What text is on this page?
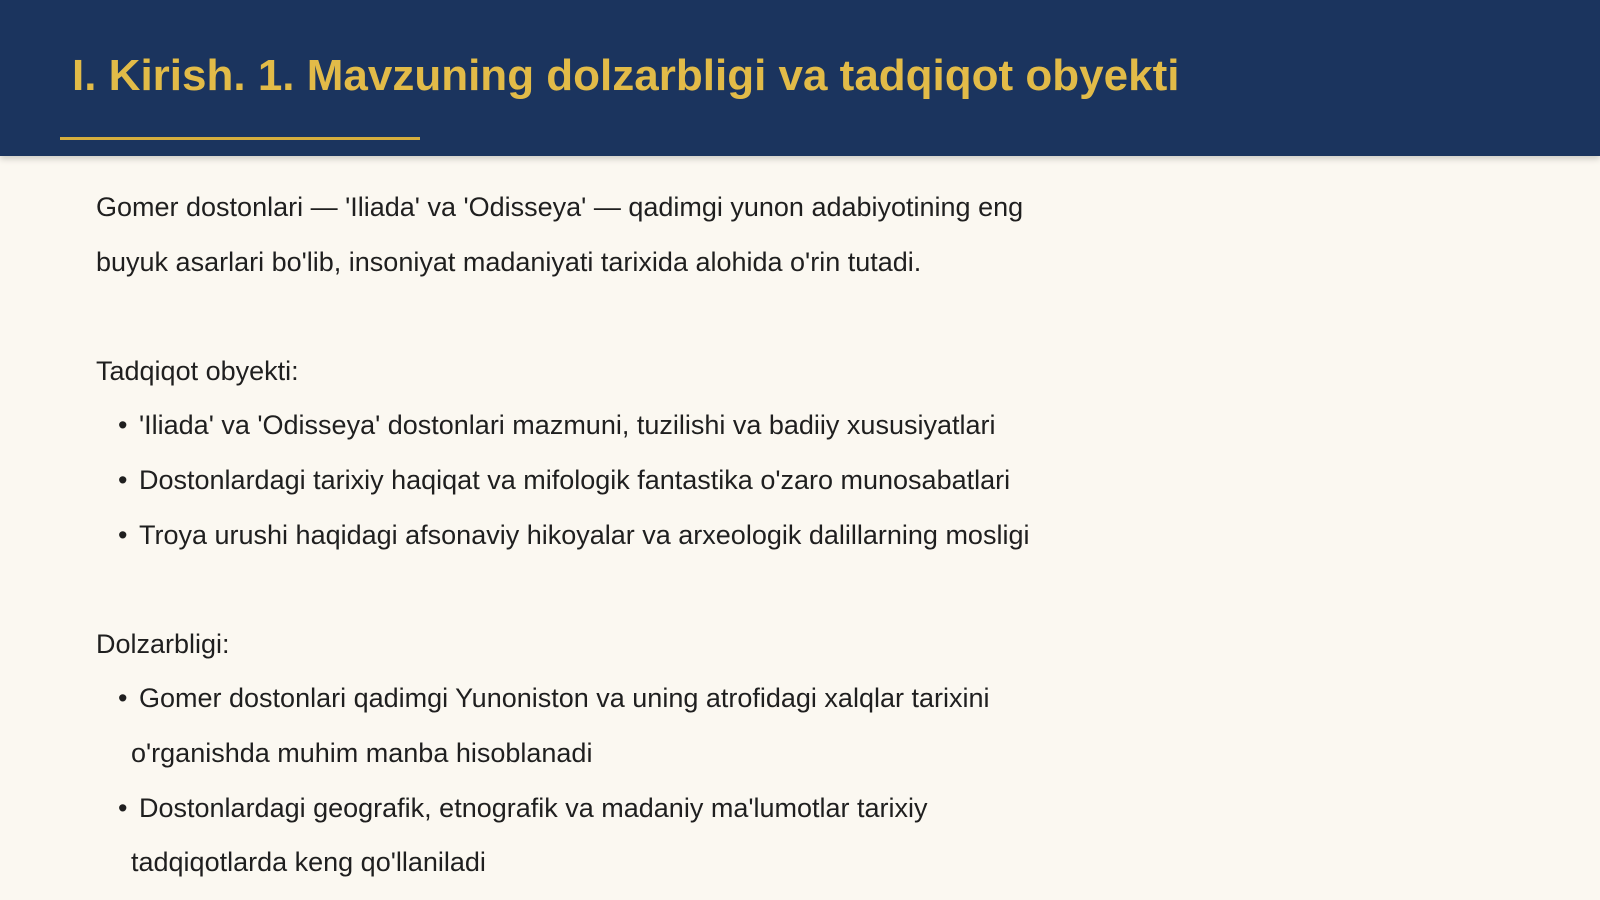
I. Kirish. 1. Mavzuning dolzarbligi va tadqiqot obyekti

Gomer dostonlari — 'Iliada' va 'Odisseya' — qadimgi yunon adabiyotining eng
buyuk asarlari bo'lib, insoniyat madaniyati tarixida alohida o'rin tutadi.

Tadqiqot obyekti:

• 'Iliada' va 'Odisseya' dostonlari mazmuni, tuzilishi va badiiy xususiyatlari
• Dostonlardagi tarixiy haqiqat va mifologik fantastika o'zaro munosabatlari
• Troya urushi haqidagi afsonaviy hikoyalar va arxeologik dalillarning mosligi

Dolzarbligi:

• Gomer dostonlari qadimgi Yunoniston va uning atrofidagi xalqlar tarixini
o'rganishda muhim manba hisoblanadi
• Dostonlardagi geografik, etnografik va madaniy ma'lumotlar tarixiy
tadqiqotlarda keng qo'llaniladi
